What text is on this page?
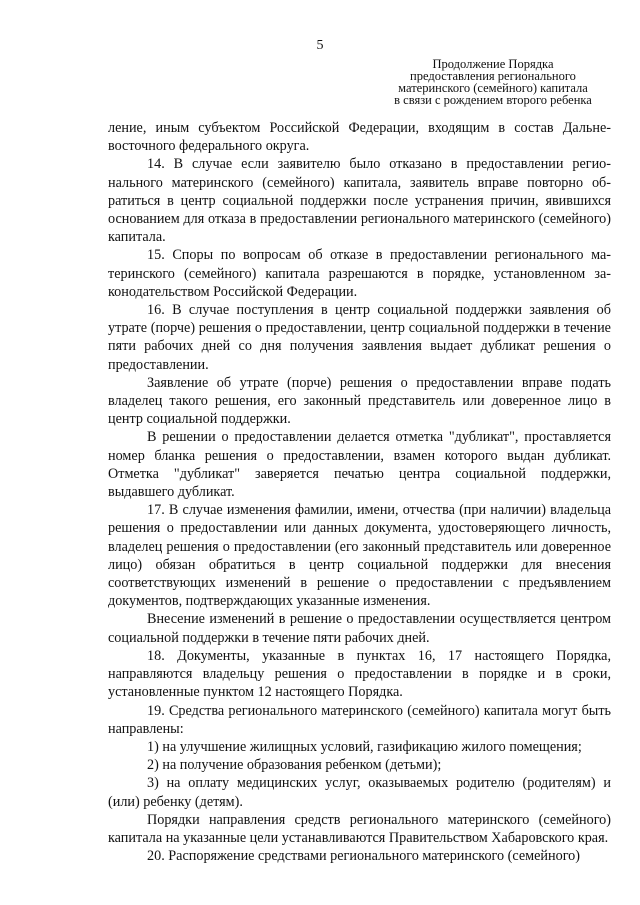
5
Продолжение Порядка
предоставления регионального
материнского (семейного) капитала
в связи с рождением второго ребенка

ление, иным субъектом Российской Федерации, входящим в состав Дальневосточного федерального округа.

14. В случае если заявителю было отказано в предоставлении регионального материнского (семейного) капитала, заявитель вправе повторно обратиться в центр социальной поддержки после устранения причин, явившихся основанием для отказа в предоставлении регионального материнского (семейного) капитала.

15. Споры по вопросам об отказе в предоставлении регионального материнского (семейного) капитала разрешаются в порядке, установленном законодательством Российской Федерации.

16. В случае поступления в центр социальной поддержки заявления об утрате (порче) решения о предоставлении, центр социальной поддержки в течение пяти рабочих дней со дня получения заявления выдает дубликат решения о предоставлении.

Заявление об утрате (порче) решения о предоставлении вправе подать владелец такого решения, его законный представитель или доверенное лицо в центр социальной поддержки.

В решении о предоставлении делается отметка "дубликат", проставляется номер бланка решения о предоставлении, взамен которого выдан дубликат. Отметка "дубликат" заверяется печатью центра социальной поддержки, выдавшего дубликат.

17. В случае изменения фамилии, имени, отчества (при наличии) владельца решения о предоставлении или данных документа, удостоверяющего личность, владелец решения о предоставлении (его законный представитель или доверенное лицо) обязан обратиться в центр социальной поддержки для внесения соответствующих изменений в решение о предоставлении с предъявлением документов, подтверждающих указанные изменения.

Внесение изменений в решение о предоставлении осуществляется центром социальной поддержки в течение пяти рабочих дней.

18. Документы, указанные в пунктах 16, 17 настоящего Порядка, направляются владельцу решения о предоставлении в порядке и в сроки, установленные пунктом 12 настоящего Порядка.

19. Средства регионального материнского (семейного) капитала могут быть направлены:

1) на улучшение жилищных условий, газификацию жилого помещения;

2) на получение образования ребенком (детьми);

3) на оплату медицинских услуг, оказываемых родителю (родителям) и (или) ребенку (детям).

Порядки направления средств регионального материнского (семейного) капитала на указанные цели устанавливаются Правительством Хабаровского края.

20. Распоряжение средствами регионального материнского (семейного)
